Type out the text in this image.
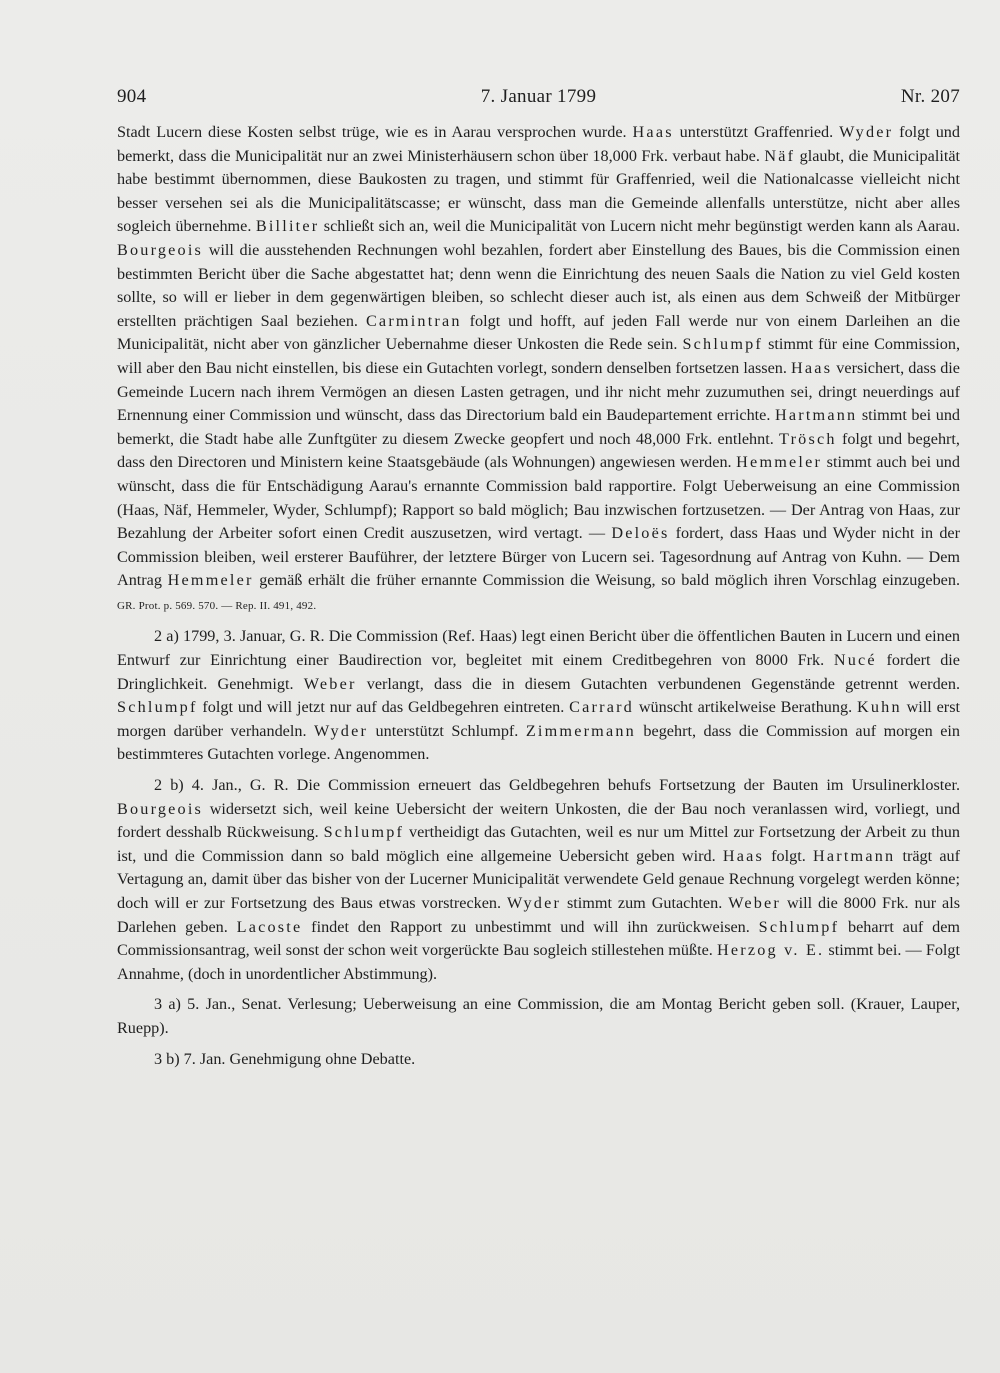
904	7. Januar 1799	Nr. 207

Stadt Lucern diese Kosten selbst trüge, wie es in Aarau versprochen wurde. Haas unterstützt Graffenried. Wyder folgt und bemerkt, dass die Municipalität nur an zwei Ministerhäusern schon über 18,000 Frk. verbaut habe. Näf glaubt, die Municipalität habe bestimmt übernommen, diese Baukosten zu tragen, und stimmt für Graffenried, weil die Nationalcasse vielleicht nicht besser versehen sei als die Municipalitätscasse; er wünscht, dass man die Gemeinde allenfalls unterstütze, nicht aber alles sogleich übernehme. Billiter schließt sich an, weil die Municipalität von Lucern nicht mehr begünstigt werden kann als Aarau. Bourgeois will die ausstehenden Rechnungen wohl bezahlen, fordert aber Einstellung des Baues, bis die Commission einen bestimmten Bericht über die Sache abgestattet hat; denn wenn die Einrichtung des neuen Saals die Nation zu viel Geld kosten sollte, so will er lieber in dem gegenwärtigen bleiben, so schlecht dieser auch ist, als einen aus dem Schweiß der Mitbürger erstellten prächtigen Saal beziehen. Carmintran folgt und hofft, auf jeden Fall werde nur von einem Darleihen an die Municipalität, nicht aber von gänzlicher Uebernahme dieser Unkosten die Rede sein. Schlumpf stimmt für eine Commission, will aber den Bau nicht einstellen, bis diese ein Gutachten vorlegt, sondern denselben fortsetzen lassen. Haas versichert, dass die Gemeinde Lucern nach ihrem Vermögen an diesen Lasten getragen, und ihr nicht mehr zuzumuthen sei, dringt neuerdings auf Ernennung einer Commission und wünscht, dass das Directorium bald ein Baudepartement errichte. Hartmann stimmt bei und bemerkt, die Stadt habe alle Zunftgüter zu diesem Zwecke geopfert und noch 48,000 Frk. entlehnt. Trösch folgt und begehrt, dass den Directoren und Ministern keine Staatsgebäude (als Wohnungen) angewiesen werden. Hemmeler stimmt auch bei und wünscht, dass die für Entschädigung Aarau's ernannte Commission bald rapportire. Folgt Ueberweisung an eine Commission (Haas, Näf, Hemmeler, Wyder, Schlumpf); Rapport so bald möglich; Bau inzwischen fortzusetzen. — Der Antrag von Haas, zur Bezahlung der Arbeiter sofort einen Credit auszusetzen, wird vertagt. — Deloës fordert, dass Haas und Wyder nicht in der Commission bleiben, weil ersterer Bauführer, der letztere Bürger von Lucern sei. Tagesordnung auf Antrag von Kuhn. — Dem Antrag Hemmeler gemäß erhält die früher ernannte Commission die Weisung, so bald möglich ihren Vorschlag einzugeben. GR. Prot. p. 569. 570. — Rep. II. 491, 492.

2 a) 1799, 3. Januar, G. R. Die Commission (Ref. Haas) legt einen Bericht über die öffentlichen Bauten in Lucern und einen Entwurf zur Einrichtung einer Baudirection vor, begleitet mit einem Creditbegehren von 8000 Frk. Nucé fordert die Dringlichkeit. Genehmigt. Weber verlangt, dass die in diesem Gutachten verbundenen Gegenstände getrennt werden. Schlumpf folgt und will jetzt nur auf das Geldbegehren eintreten. Carrard wünscht artikelweise Berathung. Kuhn will erst morgen darüber verhandeln. Wyder unterstützt Schlumpf. Zimmermann begehrt, dass die Commission auf morgen ein bestimmteres Gutachten vorlege. Angenommen.

2 b) 4. Jan., G. R. Die Commission erneuert das Geldbegehren behufs Fortsetzung der Bauten im Ursulinerkloster. Bourgeois widersetzt sich, weil keine Uebersicht der weitern Unkosten, die der Bau noch veranlassen wird, vorliegt, und fordert desshalb Rückweisung. Schlumpf vertheidigt das Gutachten, weil es nur um Mittel zur Fortsetzung der Arbeit zu thun ist, und die Commission dann so bald möglich eine allgemeine Uebersicht geben wird. Haas folgt. Hartmann trägt auf Vertagung an, damit über das bisher von der Lucerner Municipalität verwendete Geld genaue Rechnung vorgelegt werden könne; doch will er zur Fortsetzung des Baus etwas vorstrecken. Wyder stimmt zum Gutachten. Weber will die 8000 Frk. nur als Darlehen geben. Lacoste findet den Rapport zu unbestimmt und will ihn zurückweisen. Schlumpf beharrt auf dem Commissionsantrag, weil sonst der schon weit vorgerückte Bau sogleich stillestehen müßte. Herzog v. E. stimmt bei. — Folgt Annahme, (doch in unordentlicher Abstimmung).

3 a) 5. Jan., Senat. Verlesung; Ueberweisung an eine Commission, die am Montag Bericht geben soll. (Krauer, Lauper, Ruepp).

3 b) 7. Jan. Genehmigung ohne Debatte.
